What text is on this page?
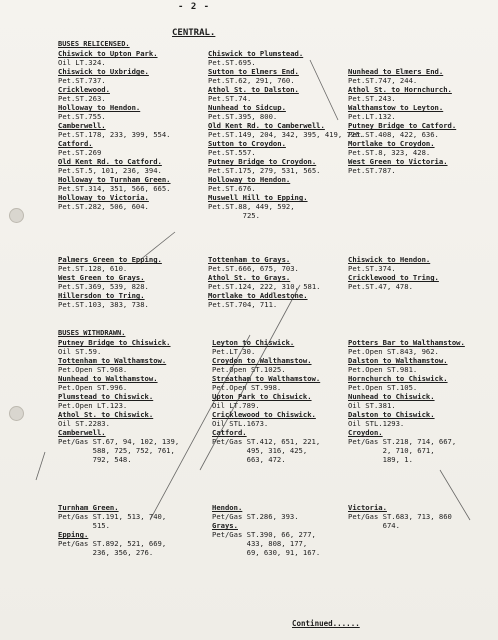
- 2 -
CENTRAL.
BUSES RELICENSED.
BUSES WITHDRAWN.
Chiswick to Upton Park.
Oil LT.324.
Chiswick to Uxbridge.
Pet.ST.737.
Cricklewood.
Pet.ST.263.
Holloway to Hendon.
Pet.ST.755.
Camberwell.
Pet.ST.178, 233, 399, 554.
Catford.
Pet.ST.269
Old Kent Rd. to Catford.
Pet.ST.5, 101, 236, 394.
Holloway to Turnham Green.
Pet.ST.314, 351, 566, 665.
Holloway to Victoria.
Pet.ST.282, 506, 604.
Chiswick to Plumstead.
Pet.ST.695.
Sutton to Elmers End.
Pet.ST.62, 291, 760.
Athol St. to Dalston.
Pet.ST.74.
Nunhead to Sidcup.
Pet.ST.395, 800.
Old Kent Rd. to Camberwell.
Pet.ST.149, 204, 342, 395, 419, 726.
Sutton to Croydon.
Pet.ST.557.
Putney Bridge to Croydon.
Pet.ST.175, 279, 531, 565.
Holloway to Hendon.
Pet.ST.676.
Muswell Hill to Epping.
Pet.ST.88, 449, 592,
725.
Nunhead to Elmers End.
Pet.ST.747, 244.
Athol St. to Hornchurch.
Pet.ST.243.
Walthamstow to Leyton.
Pet.LT.132.
Putney Bridge to Catford.
Pet.ST.408, 422, 636.
Mortlake to Croydon.
Pet.ST.8, 323, 428.
West Green to Victoria.
Pet.ST.787.
Palmers Green to Epping.
Pet.ST.128, 610.
West Green to Grays.
Pet.ST.369, 539, 828.
Hillersdon to Tring.
Pet.ST.103, 383, 738.
Tottenham to Grays.
Pet.ST.666, 675, 703.
Athol St. to Grays.
Pet.ST.124, 222, 310, 581.
Mortlake to Addlestone.
Pet.ST.704, 711.
Chiswick to Hendon.
Pet.ST.374.
Cricklewood to Tring.
Pet.ST.47, 478.
Putney Bridge to Chiswick.
Oil ST.59.
Tottenham to Walthamstow.
Pet.Open ST.968.
Nunhead to Walthamstow.
Pet.Open ST.996.
Plumstead to Chiswick.
Pet.Open LT.123.
Athol St. to Chiswick.
Oil ST.2283.
Camberwell.
Pet/Gas ST.67, 94, 102, 139,
588, 725, 752, 761,
792, 548.
Leyton to Chiswick.
Pet.LT.30.
Croydon to Walthamstow.
Pet.Open ST.1025.
Streatham to Walthamstow.
Pet.Open ST.998.
Upton Park to Chiswick.
Oil LT.789.
Cricklewood to Chiswick.
Oil STL.1673.
Catford.
Pet/Gas ST.412, 651, 221,
495, 316, 425,
663, 472.
Potters Bar to Walthamstow.
Pet.Open ST.843, 962.
Dalston to Walthamstow.
Pet.Open ST.981.
Hornchurch to Chiswick.
Pet.Open ST.105.
Nunhead to Chiswick.
Oil ST.381.
Dalston to Chiswick.
Oil STL.1293.
Croydon.
Pet/Gas ST.218, 714, 667,
2, 710, 671,
189, 1.
Turnham Green.
Pet/Gas ST.191, 513, 740,
515.
Epping.
Pet/Gas ST.892, 521, 669,
236, 356, 276.
Hendon.
Pet/Gas ST.286, 393.
Grays.
Pet/Gas ST.390, 66, 277,
433, 808, 177,
69, 630, 91, 167.
Victoria.
Pet/Gas ST.683, 713, 860
674.
Continued......
